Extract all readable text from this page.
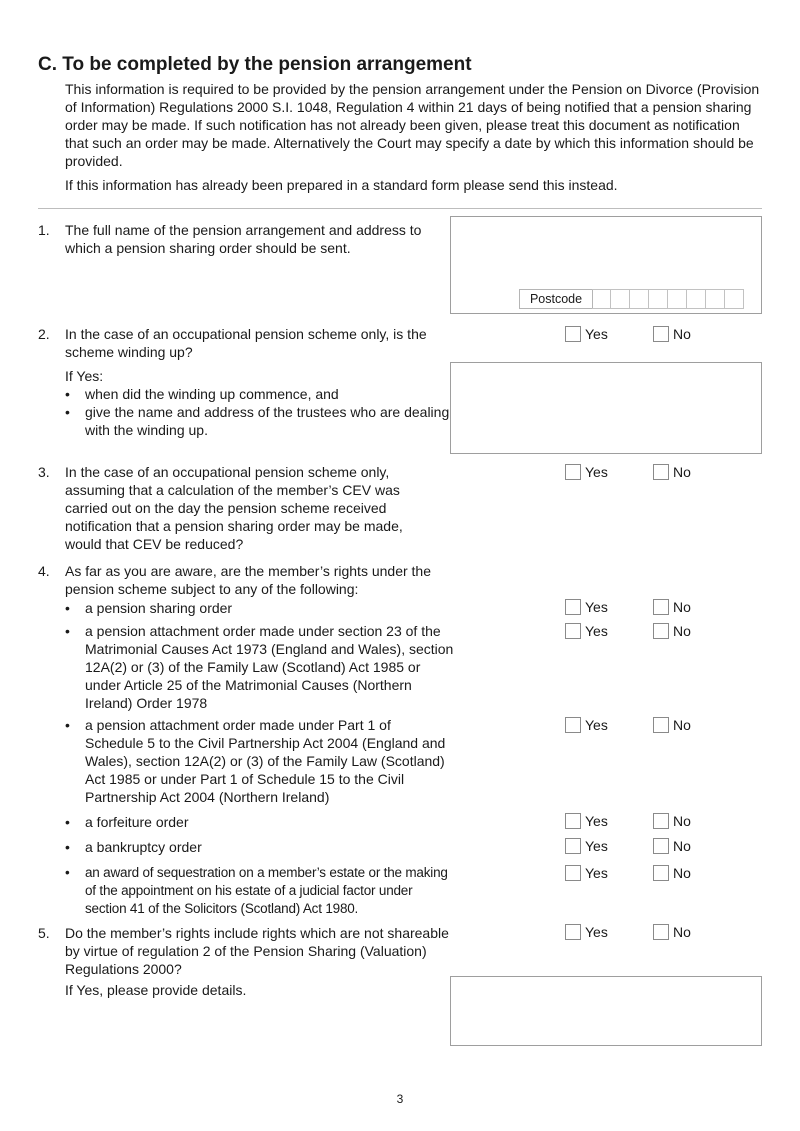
C. To be completed by the pension arrangement
This information is required to be provided by the pension arrangement under the Pension on Divorce (Provision of Information) Regulations 2000 S.I. 1048, Regulation 4 within 21 days of being notified that a pension sharing order may be made. If such notification has not already been given, please treat this document as notification that such an order may be made. Alternatively the Court may specify a date by which this information should be provided.
If this information has already been prepared in a standard form please send this instead.
1. The full name of the pension arrangement and address to which a pension sharing order should be sent.
Postcode
2. In the case of an occupational pension scheme only, is the scheme winding up?
Yes	No
If Yes:
•	when did the winding up commence, and
•	give the name and address of the trustees who are dealing with the winding up.
3. In the case of an occupational pension scheme only, assuming that a calculation of the member’s CEV was carried out on the day the pension scheme received notification that a pension sharing order may be made, would that CEV be reduced?
Yes	No
4. As far as you are aware, are the member’s rights under the pension scheme subject to any of the following:
•	a pension sharing order	Yes	No
•	a pension attachment order made under section 23 of the Matrimonial Causes Act 1973 (England and Wales), section 12A(2) or (3) of the Family Law (Scotland) Act 1985 or under Article 25 of the Matrimonial Causes (Northern Ireland) Order 1978
Yes	No
•	a pension attachment order made under Part 1 of Schedule 5 to the Civil Partnership Act 2004 (England and Wales), section 12A(2) or (3) of the Family Law (Scotland) Act 1985 or under Part 1 of Schedule 15 to the Civil Partnership Act 2004 (Northern Ireland)
Yes	No
•	a forfeiture order	Yes	No
•	a bankruptcy order	Yes	No
•	an award of sequestration on a member’s estate or the making of the appointment on his estate of a judicial factor under section 41 of the Solicitors (Scotland) Act 1980.
Yes	No
5. Do the member’s rights include rights which are not shareable by virtue of regulation 2 of the Pension Sharing (Valuation) Regulations 2000?
Yes	No
If Yes, please provide details.
3
